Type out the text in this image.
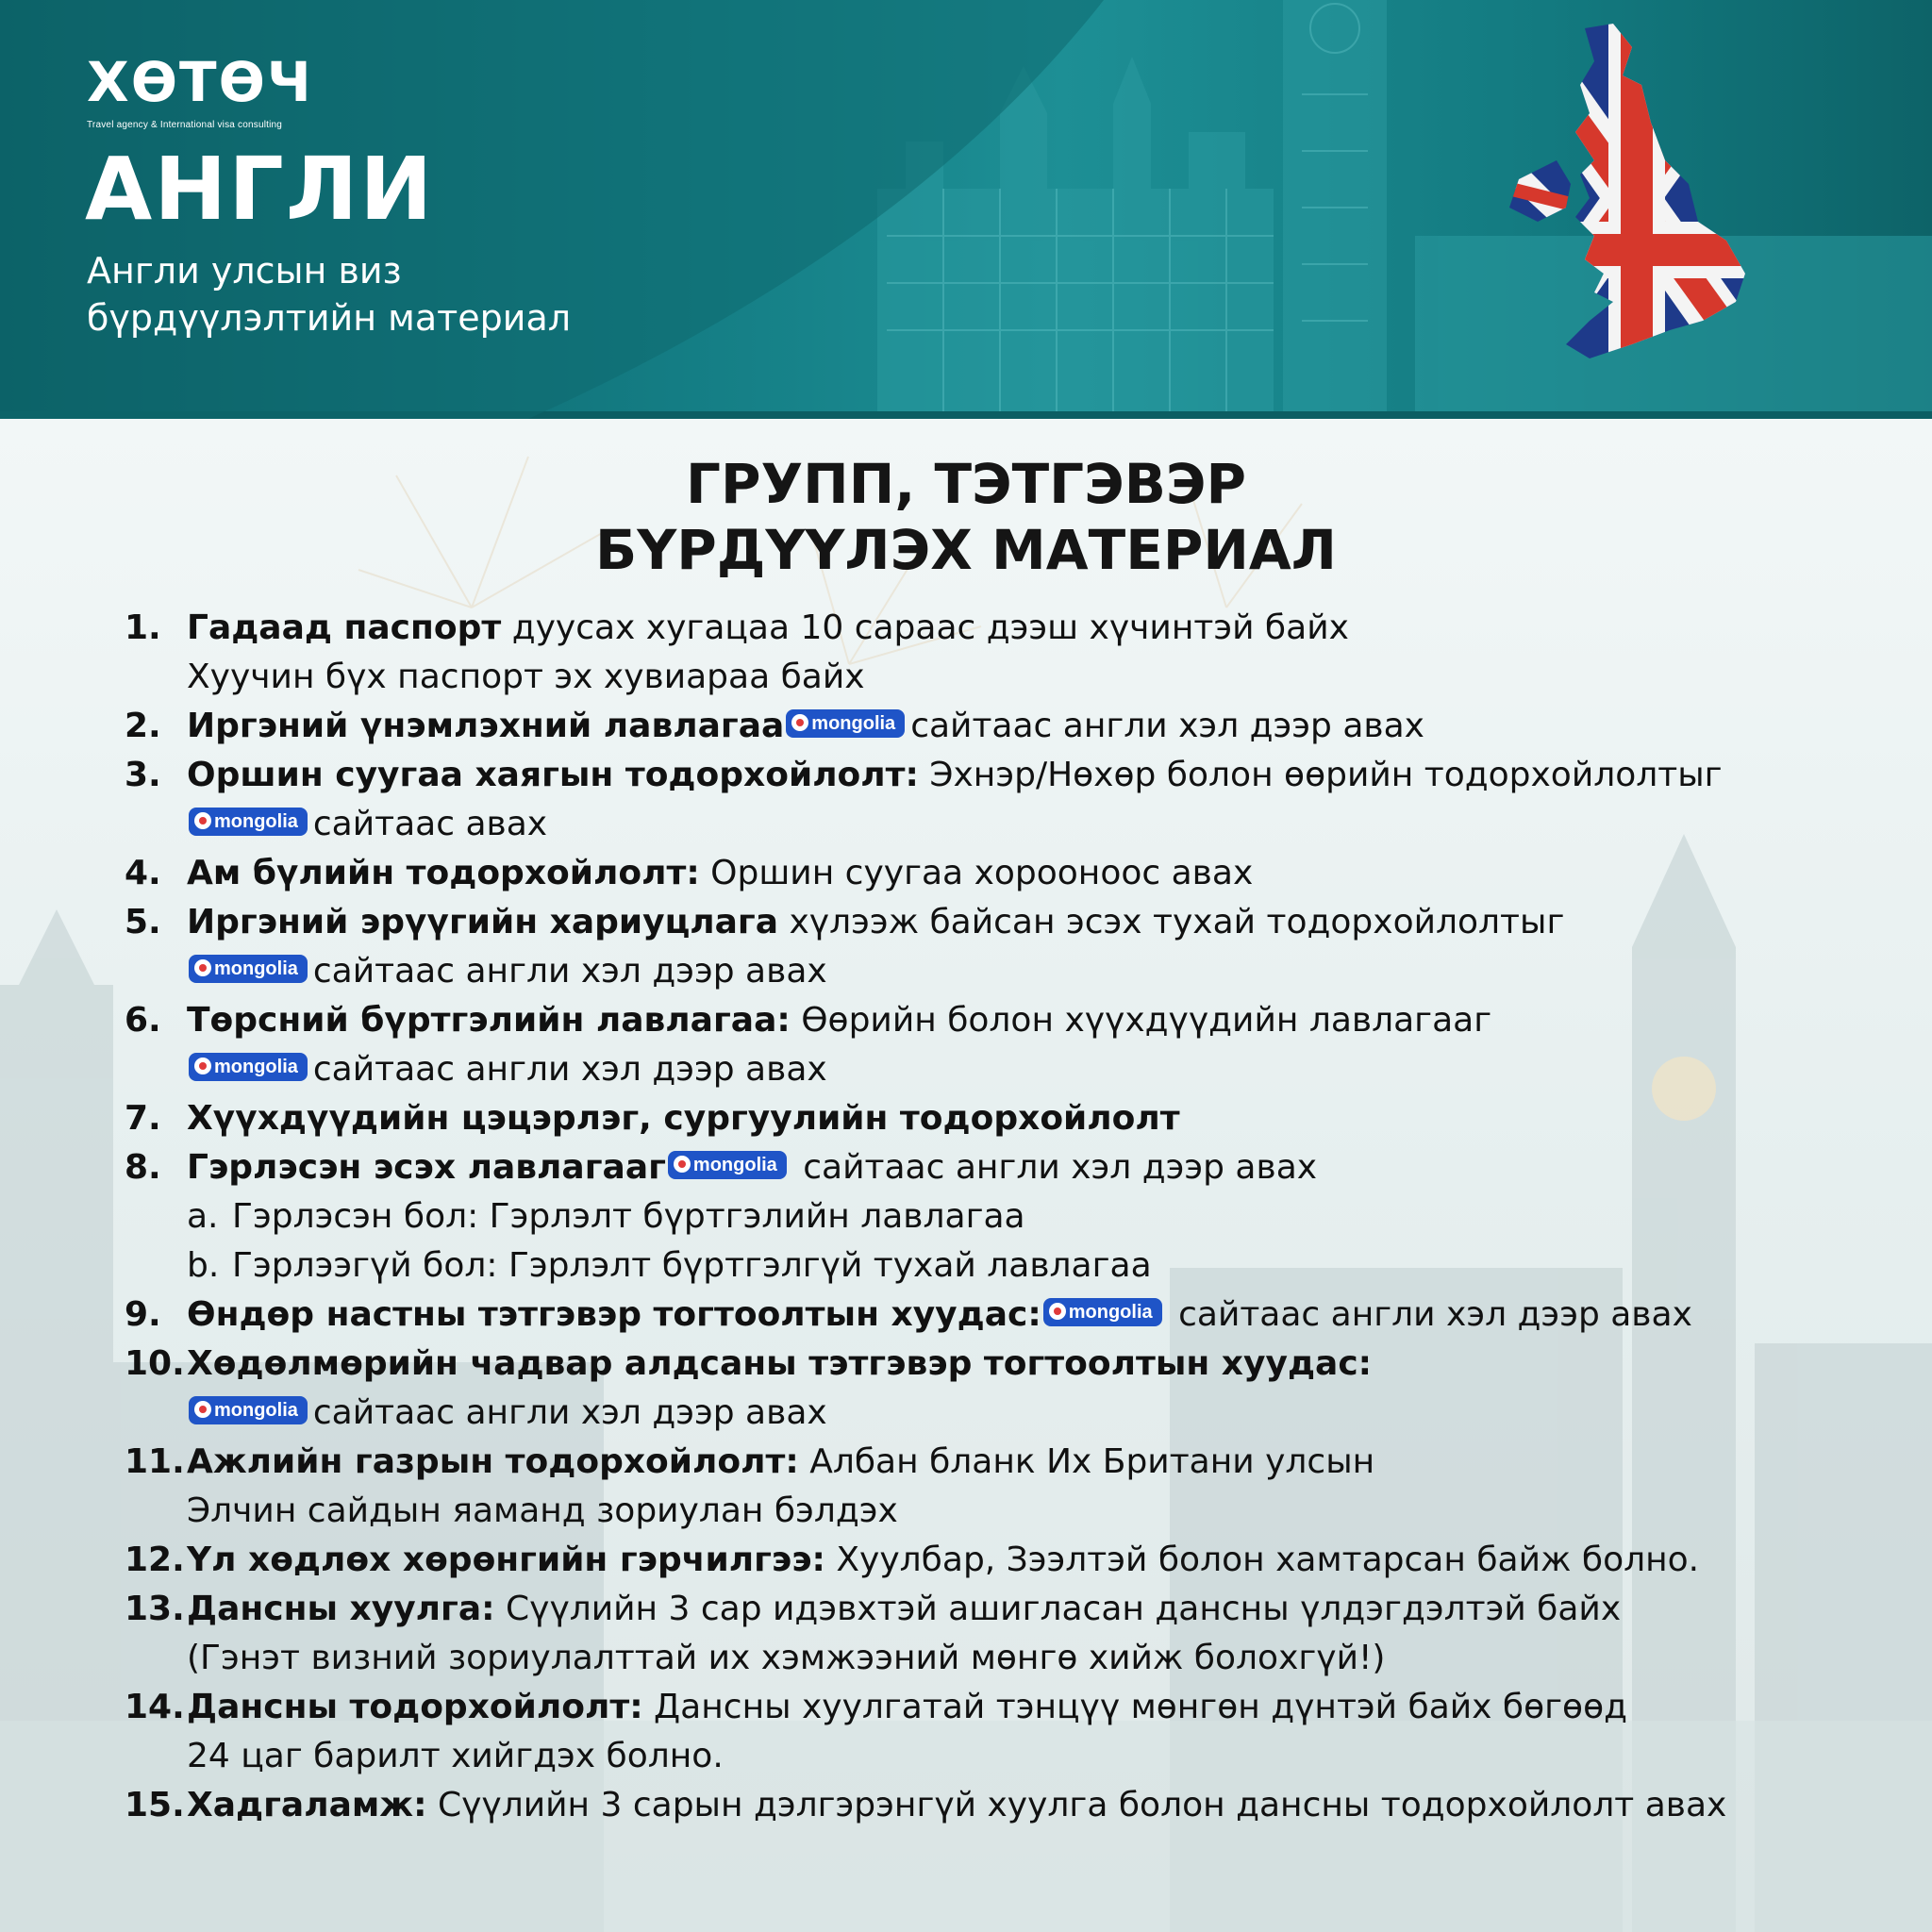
ХӨТӨЧ
Travel agency & International visa consulting
АНГЛИ
Англи улсын виз
бүрдүүлэлтийн материал
ГРУПП, ТЭТГЭВЭР
БҮРДҮҮЛЭХ МАТЕРИАЛ
1. Гадаад паспорт дуусах хугацаа 10 сараас дээш хүчинтэй байх
Хуучин бүх паспорт эх хувиараа байх
2. Иргэний үнэмлэхний лавлагаа mongolia сайтаас англи хэл дээр авах
3. Оршин суугаа хаягын тодорхойлолт: Эхнэр/Нөхөр болон өөрийн тодорхойлолтыг
mongolia сайтаас авах
4. Ам бүлийн тодорхойлолт: Оршин суугаа хорооноос авах
5. Иргэний эрүүгийн хариуцлага хүлээж байсан эсэх тухай тодорхойлолтыг
mongolia сайтаас англи хэл дээр авах
6. Төрсний бүртгэлийн лавлагаа: Өөрийн болон хүүхдүүдийн лавлагааг
mongolia сайтаас англи хэл дээр авах
7. Хүүхдүүдийн цэцэрлэг, сургуулийн тодорхойлолт
8. Гэрлэсэн эсэх лавлагааг mongolia сайтаас англи хэл дээр авах
a. Гэрлэсэн бол: Гэрлэлт бүртгэлийн лавлагаа
b. Гэрлээгүй бол: Гэрлэлт бүртгэлгүй тухай лавлагаа
9. Өндөр настны тэтгэвэр тогтоолтын хуудас: mongolia сайтаас англи хэл дээр авах
10. Хөдөлмөрийн чадвар алдсаны тэтгэвэр тогтоолтын хуудас:
mongolia сайтаас англи хэл дээр авах
11. Ажлийн газрын тодорхойлолт: Албан бланк Их Британи улсын
Элчин сайдын яаманд зориулан бэлдэх
12. Үл хөдлөх хөрөнгийн гэрчилгээ: Хуулбар, Зээлтэй болон хамтарсан байж болно.
13. Дансны хуулга: Сүүлийн 3 сар идэвхтэй ашигласан дансны үлдэгдэлтэй байх
(Гэнэт визний зориулалттай их хэмжээний мөнгө хийж болохгүй!)
14. Дансны тодорхойлолт: Дансны хуулгатай тэнцүү мөнгөн дүнтэй байх бөгөөд
24 цаг барилт хийгдэх болно.
15. Хадгаламж: Сүүлийн 3 сарын дэлгэрэнгүй хуулга болон дансны тодорхойлолт авах
